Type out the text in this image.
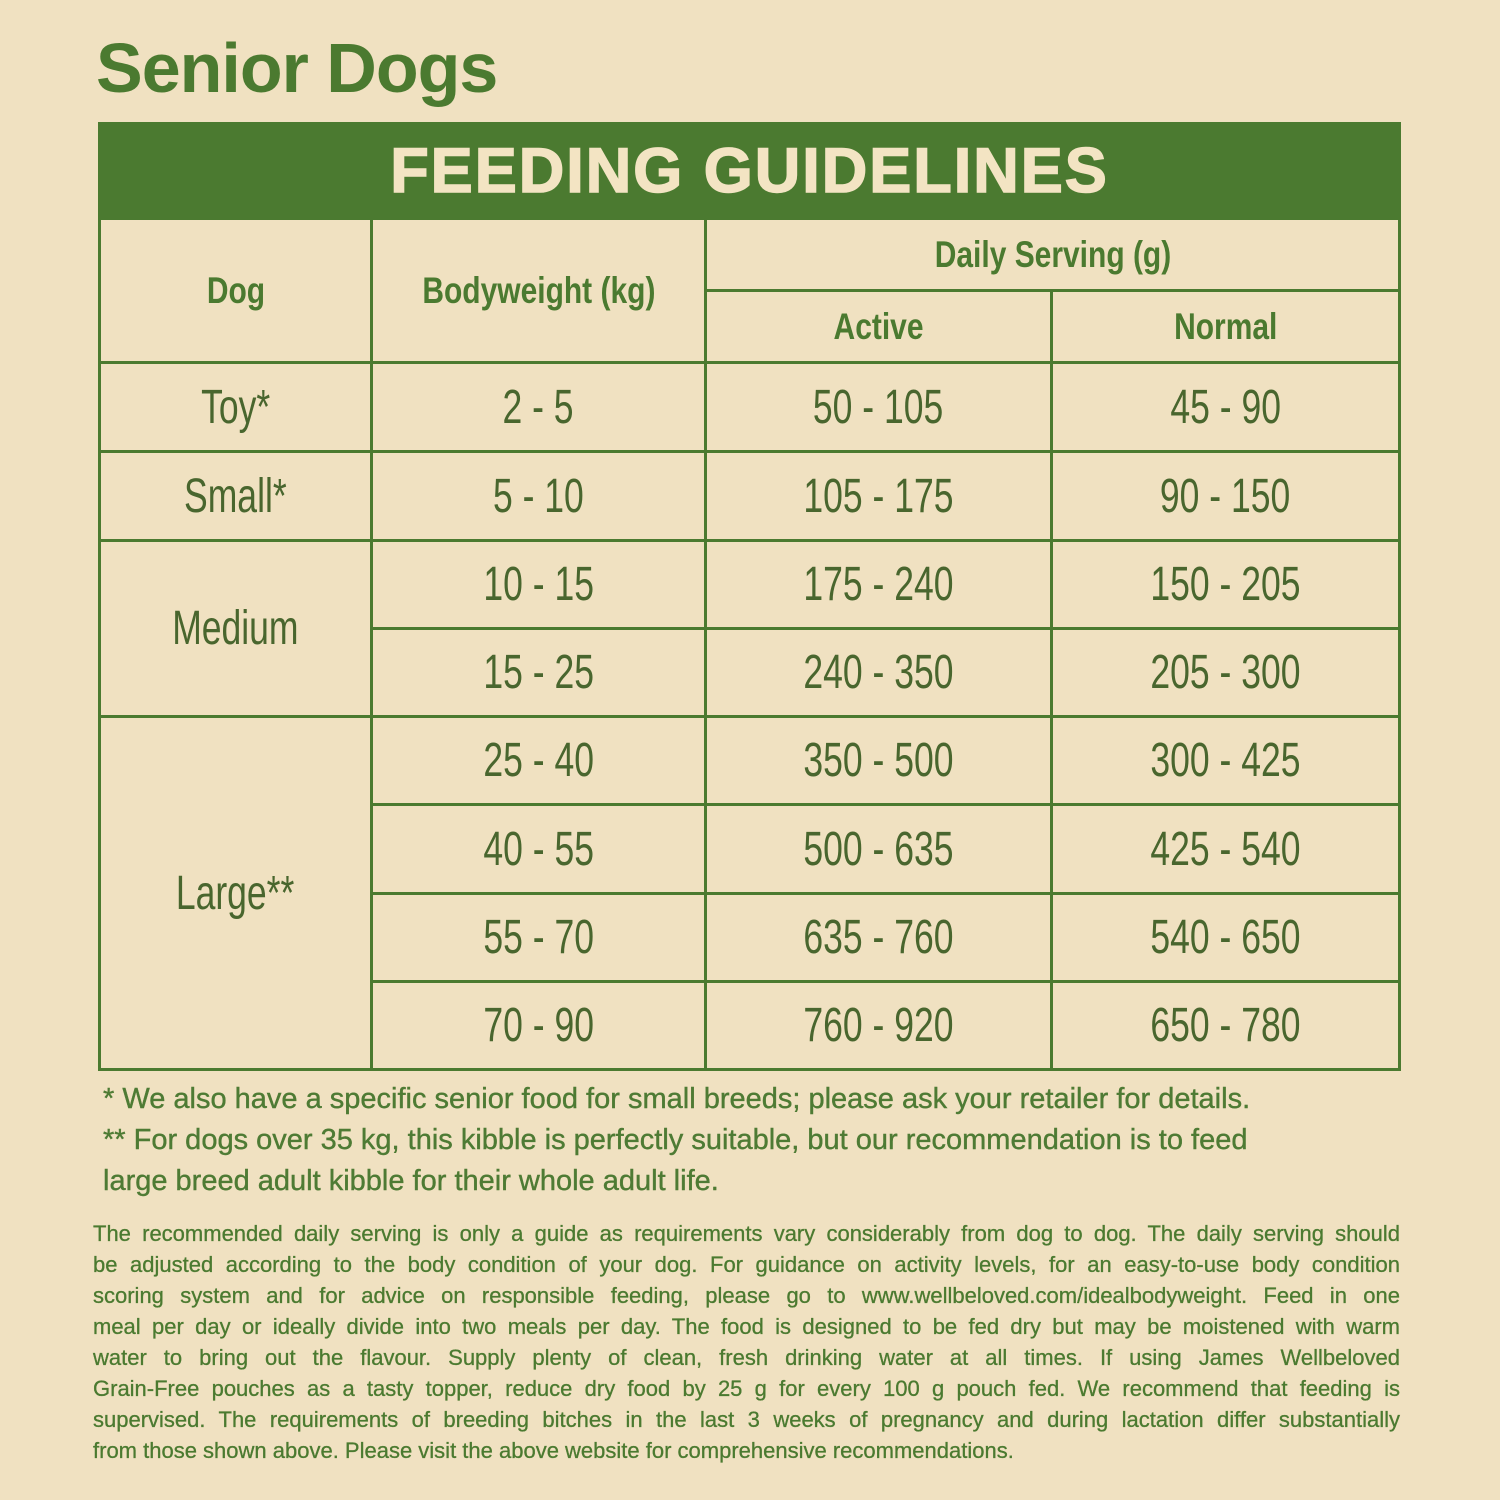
Senior Dogs
FEEDING GUIDELINES
Dog	Bodyweight (kg)
Daily Serving (g)
Active	Normal
Toy*	2 - 5	50 - 105	45 - 90
Small*	5 - 10	105 - 175	90 - 150
Medium
10 - 15	175 - 240	150 - 205
15 - 25	240 - 350	205 - 300
Large**
25 - 40	350 - 500	300 - 425
40 - 55	500 - 635	425 - 540
55 - 70	635 - 760	540 - 650
70 - 90	760 - 920	650 - 780
* We also have a specific senior food for small breeds; please ask your retailer for details.
** For dogs over 35 kg, this kibble is perfectly suitable, but our recommendation is to feed
large breed adult kibble for their whole adult life.
The recommended daily serving is only a guide as requirements vary considerably from dog to dog. The daily serving should
be adjusted according to the body condition of your dog. For guidance on activity levels, for an easy-to-use body condition
scoring system and for advice on responsible feeding, please go to www.wellbeloved.com/idealbodyweight. Feed in one
meal per day or ideally divide into two meals per day. The food is designed to be fed dry but may be moistened with warm
water to bring out the flavour. Supply plenty of clean, fresh drinking water at all times. If using James Wellbeloved
Grain-Free pouches as a tasty topper, reduce dry food by 25 g for every 100 g pouch fed. We recommend that feeding is
supervised. The requirements of breeding bitches in the last 3 weeks of pregnancy and during lactation differ substantially
from those shown above. Please visit the above website for comprehensive recommendations.
